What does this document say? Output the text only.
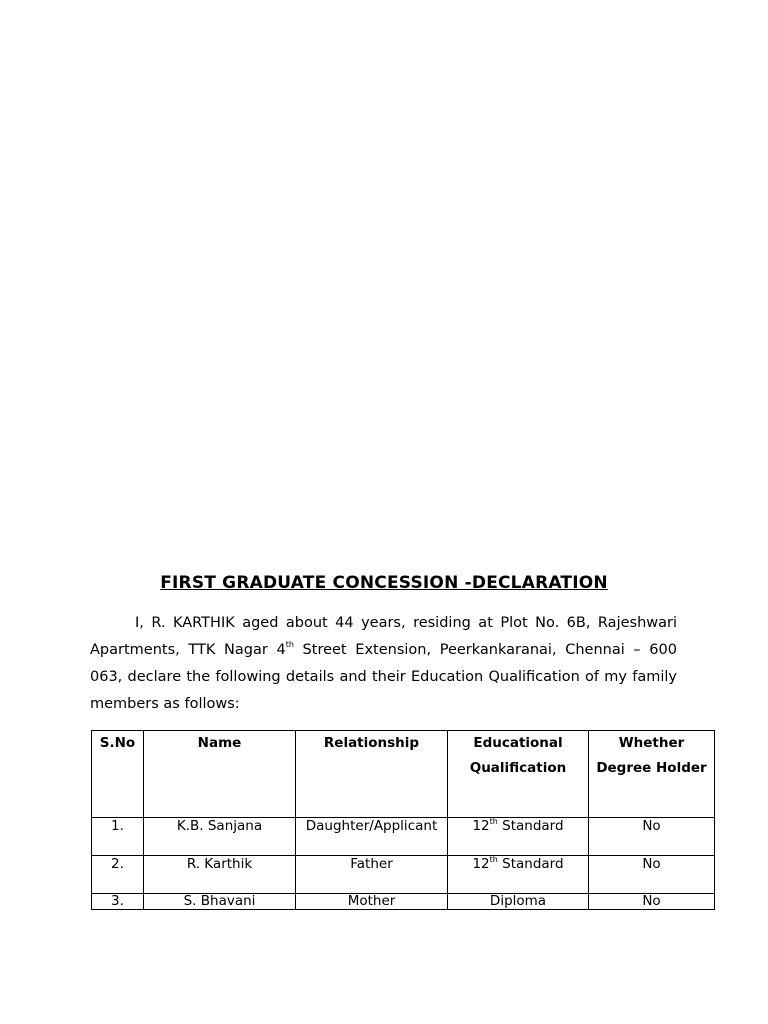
FIRST GRADUATE CONCESSION -DECLARATION

I, R. KARTHIK aged about 44 years, residing at Plot No. 6B, Rajeshwari Apartments, TTK Nagar 4th Street Extension, Peerkankaranai, Chennai – 600 063, declare the following details and their Education Qualification of my family members as follows:

S.No	Name	Relationship	Educational Qualification	Whether Degree Holder
1.	K.B. Sanjana	Daughter/Applicant	12th Standard	No
2.	R. Karthik	Father	12th Standard	No
3.	S. Bhavani	Mother	Diploma	No
